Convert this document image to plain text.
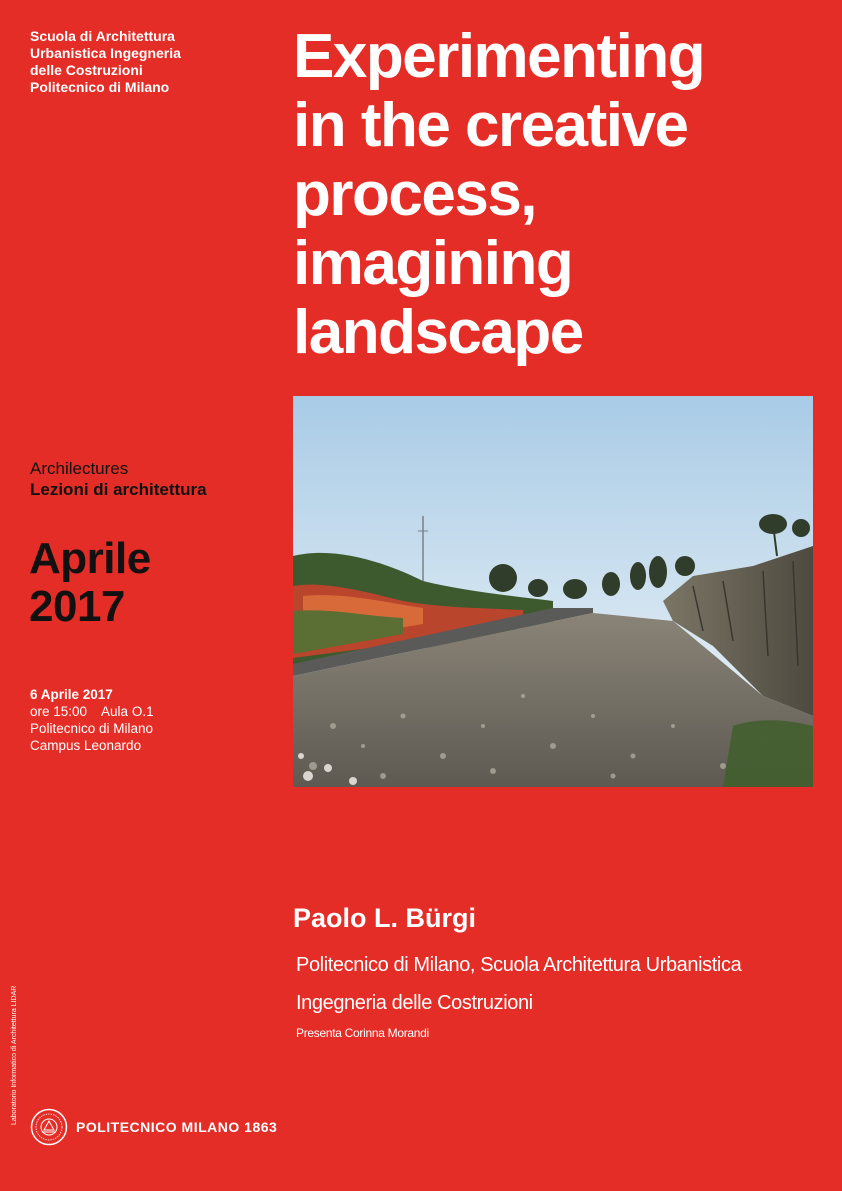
Scuola di Architettura
Urbanistica Ingegneria
delle Costruzioni
Politecnico di Milano Experimenting
in the creative
process,
imagining
landscape
Archilectures
Lezioni di architettura
Aprile
2017
6 Aprile 2017
ore 15:00 Aula O.1
Politecnico di Milano
Campus Leonardo
Paolo L. Bürgi
Politecnico di Milano, Scuola Architettura Urbanistica
Ingegneria delle Costruzioni
Presenta Corinna Morandi
Laboratorio Informatico di Architettura LIDAR
POLITECNICO MILANO 1863
